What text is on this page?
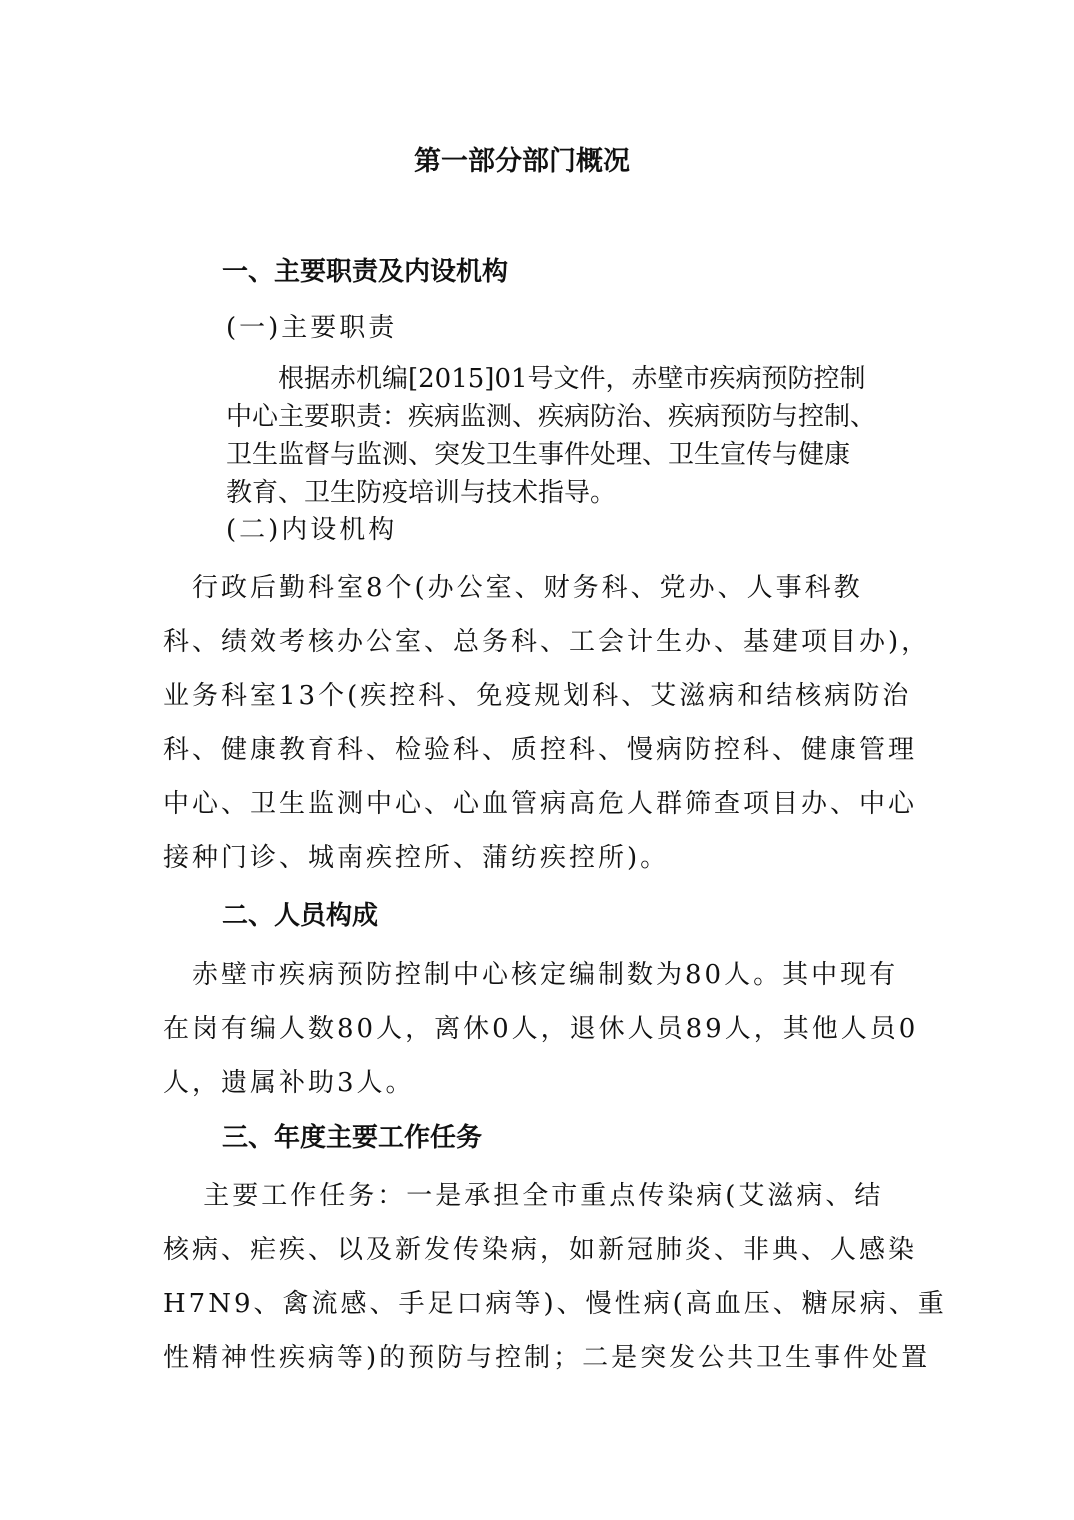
第一部分部门概况
一、主要职责及内设机构
(一)主要职责
　　根据赤机编[2015]01号文件，赤壁市疾病预防控制
中心主要职责：疾病监测、疾病防治、疾病预防与控制、
卫生监督与监测、突发卫生事件处理、卫生宣传与健康
教育、卫生防疫培训与技术指导。
(二)内设机构
　行政后勤科室8个(办公室、财务科、党办、人事科教
科、绩效考核办公室、总务科、工会计生办、基建项目办)，
业务科室13个(疾控科、免疫规划科、艾滋病和结核病防治
科、健康教育科、检验科、质控科、慢病防控科、健康管理
中心、卫生监测中心、心血管病高危人群筛查项目办、中心
接种门诊、城南疾控所、蒲纺疾控所)。
二、人员构成
　赤壁市疾病预防控制中心核定编制数为80人。其中现有
在岗有编人数80人，离休0人，退休人员89人，其他人员0
人，遗属补助3人。
三、年度主要工作任务
　 主要工作任务：一是承担全市重点传染病(艾滋病、结
核病、疟疾、以及新发传染病，如新冠肺炎、非典、人感染
H7N9、禽流感、手足口病等)、慢性病(高血压、糖尿病、重
性精神性疾病等)的预防与控制；二是突发公共卫生事件处置
